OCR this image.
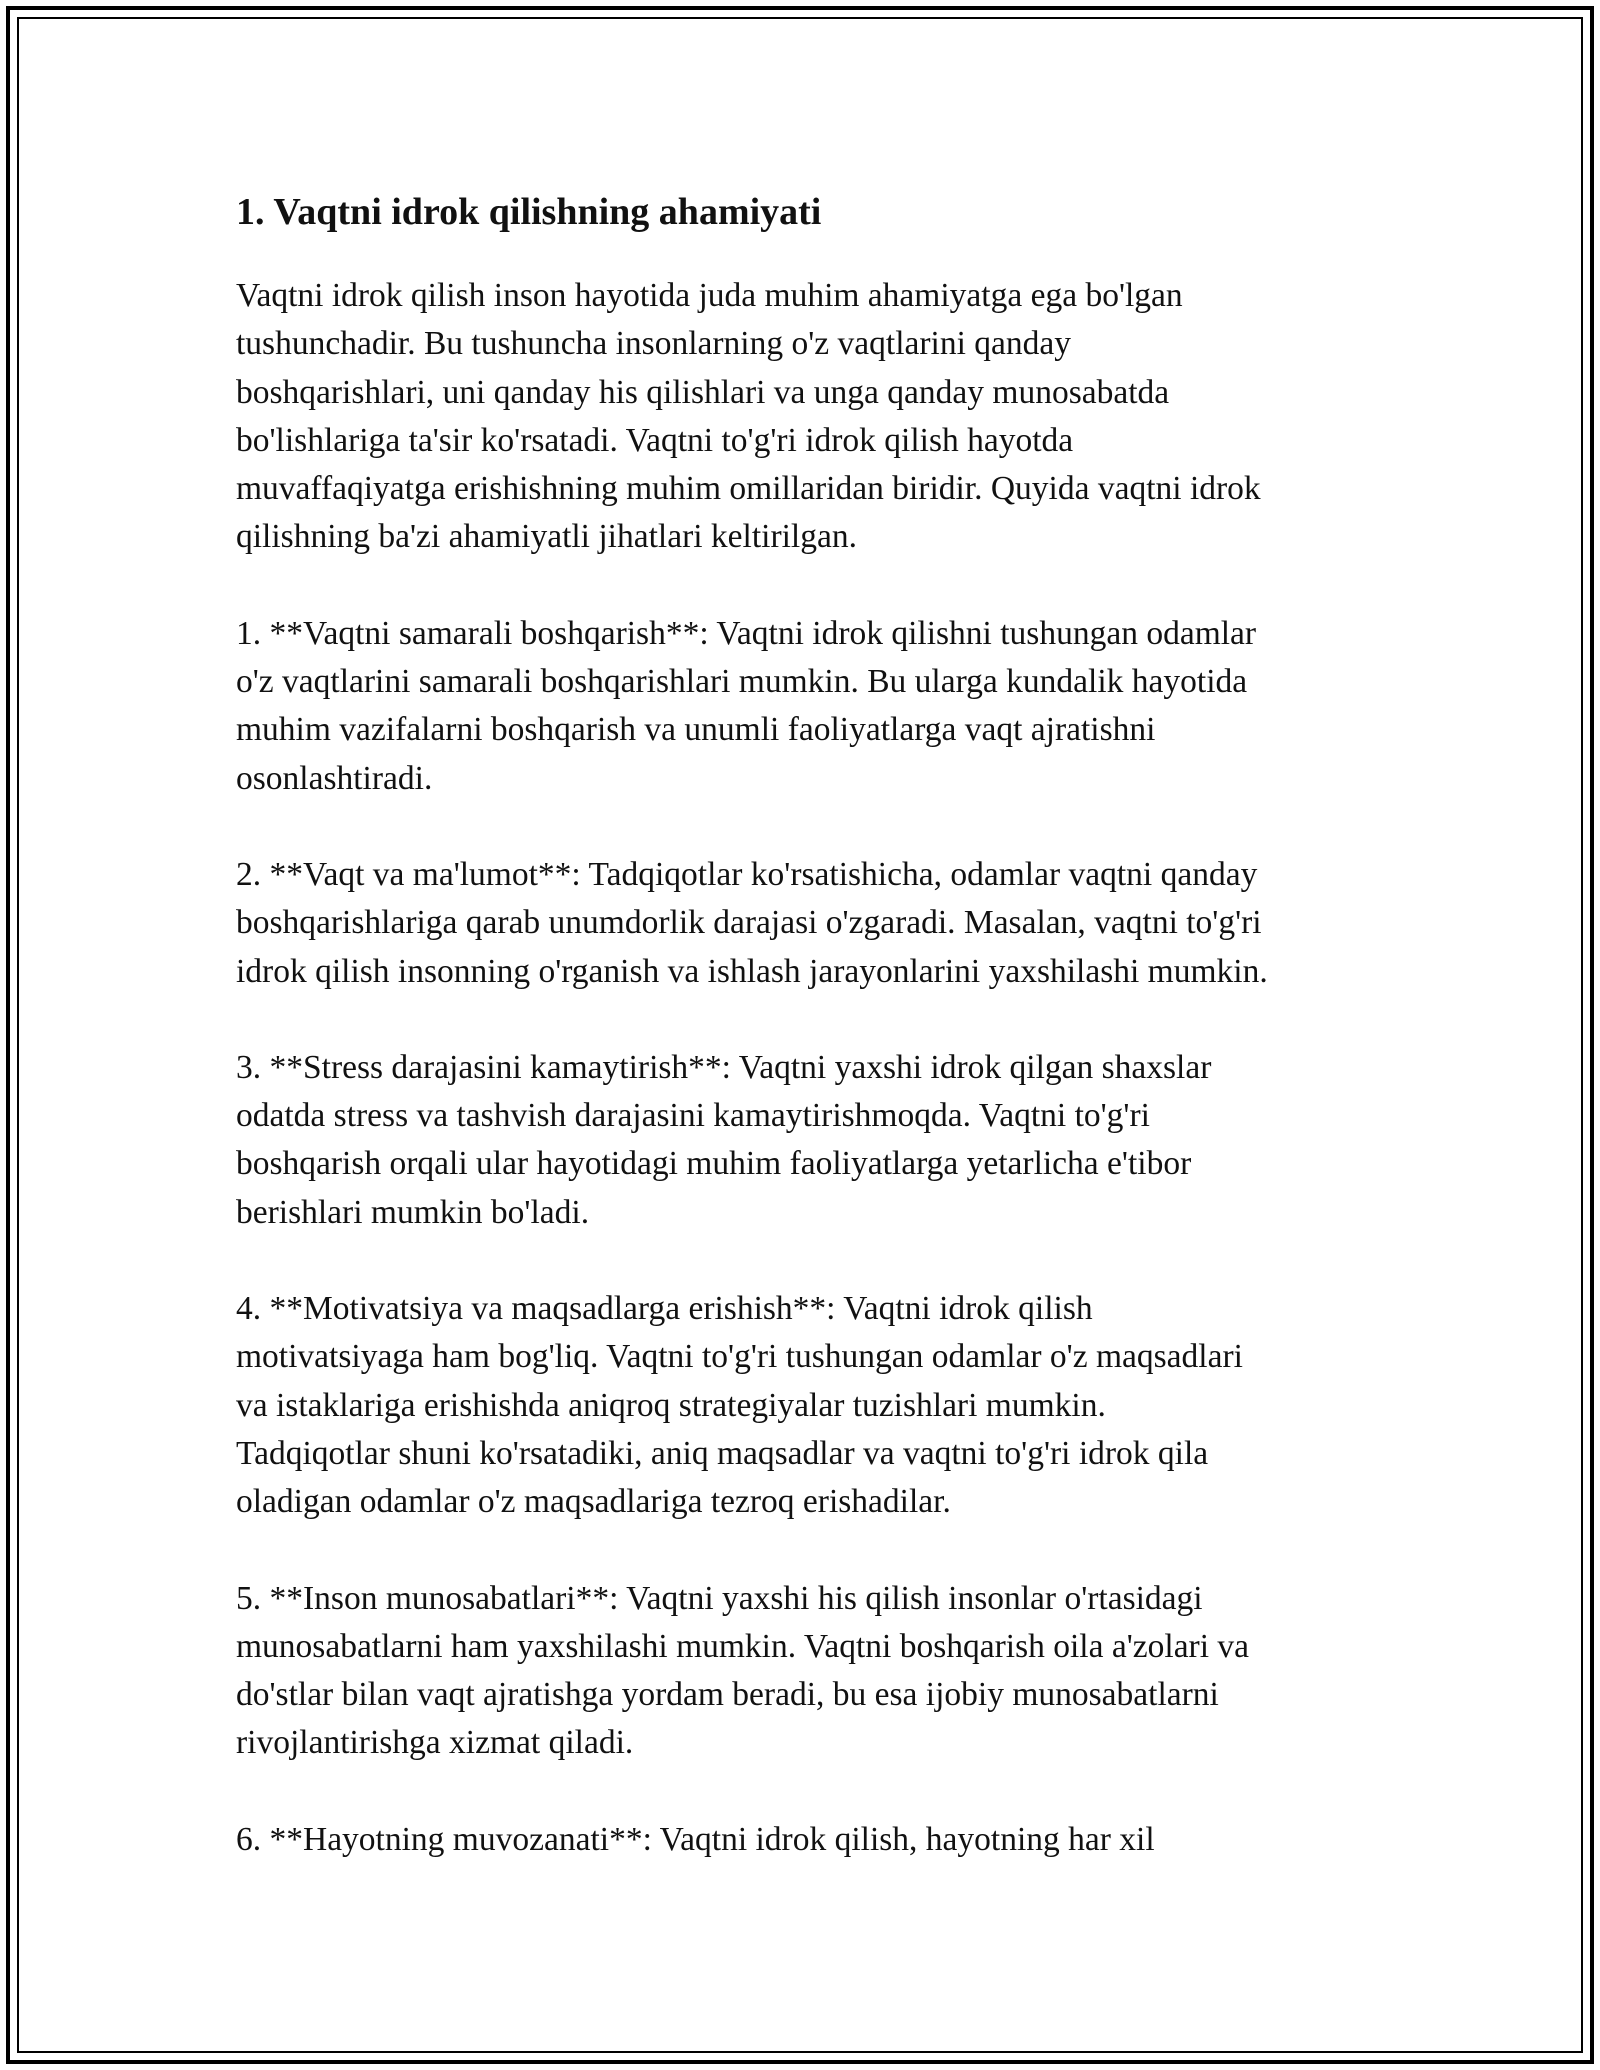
1. Vaqtni idrok qilishning ahamiyati

Vaqtni idrok qilish inson hayotida juda muhim ahamiyatga ega bo'lgan
tushunchadir. Bu tushuncha insonlarning o'z vaqtlarini qanday
boshqarishlari, uni qanday his qilishlari va unga qanday munosabatda
bo'lishlariga ta'sir ko'rsatadi. Vaqtni to'g'ri idrok qilish hayotda
muvaffaqiyatga erishishning muhim omillaridan biridir. Quyida vaqtni idrok
qilishning ba'zi ahamiyatli jihatlari keltirilgan.

1. **Vaqtni samarali boshqarish**: Vaqtni idrok qilishni tushungan odamlar
o'z vaqtlarini samarali boshqarishlari mumkin. Bu ularga kundalik hayotida
muhim vazifalarni boshqarish va unumli faoliyatlarga vaqt ajratishni
osonlashtiradi.

2. **Vaqt va ma'lumot**: Tadqiqotlar ko'rsatishicha, odamlar vaqtni qanday
boshqarishlariga qarab unumdorlik darajasi o'zgaradi. Masalan, vaqtni to'g'ri
idrok qilish insonning o'rganish va ishlash jarayonlarini yaxshilashi mumkin.

3. **Stress darajasini kamaytirish**: Vaqtni yaxshi idrok qilgan shaxslar
odatda stress va tashvish darajasini kamaytirishmoqda. Vaqtni to'g'ri
boshqarish orqali ular hayotidagi muhim faoliyatlarga yetarlicha e'tibor
berishlari mumkin bo'ladi.

4. **Motivatsiya va maqsadlarga erishish**: Vaqtni idrok qilish
motivatsiyaga ham bog'liq. Vaqtni to'g'ri tushungan odamlar o'z maqsadlari
va istaklariga erishishda aniqroq strategiyalar tuzishlari mumkin.
Tadqiqotlar shuni ko'rsatadiki, aniq maqsadlar va vaqtni to'g'ri idrok qila
oladigan odamlar o'z maqsadlariga tezroq erishadilar.

5. **Inson munosabatlari**: Vaqtni yaxshi his qilish insonlar o'rtasidagi
munosabatlarni ham yaxshilashi mumkin. Vaqtni boshqarish oila a'zolari va
do'stlar bilan vaqt ajratishga yordam beradi, bu esa ijobiy munosabatlarni
rivojlantirishga xizmat qiladi.

6. **Hayotning muvozanati**: Vaqtni idrok qilish, hayotning har xil
